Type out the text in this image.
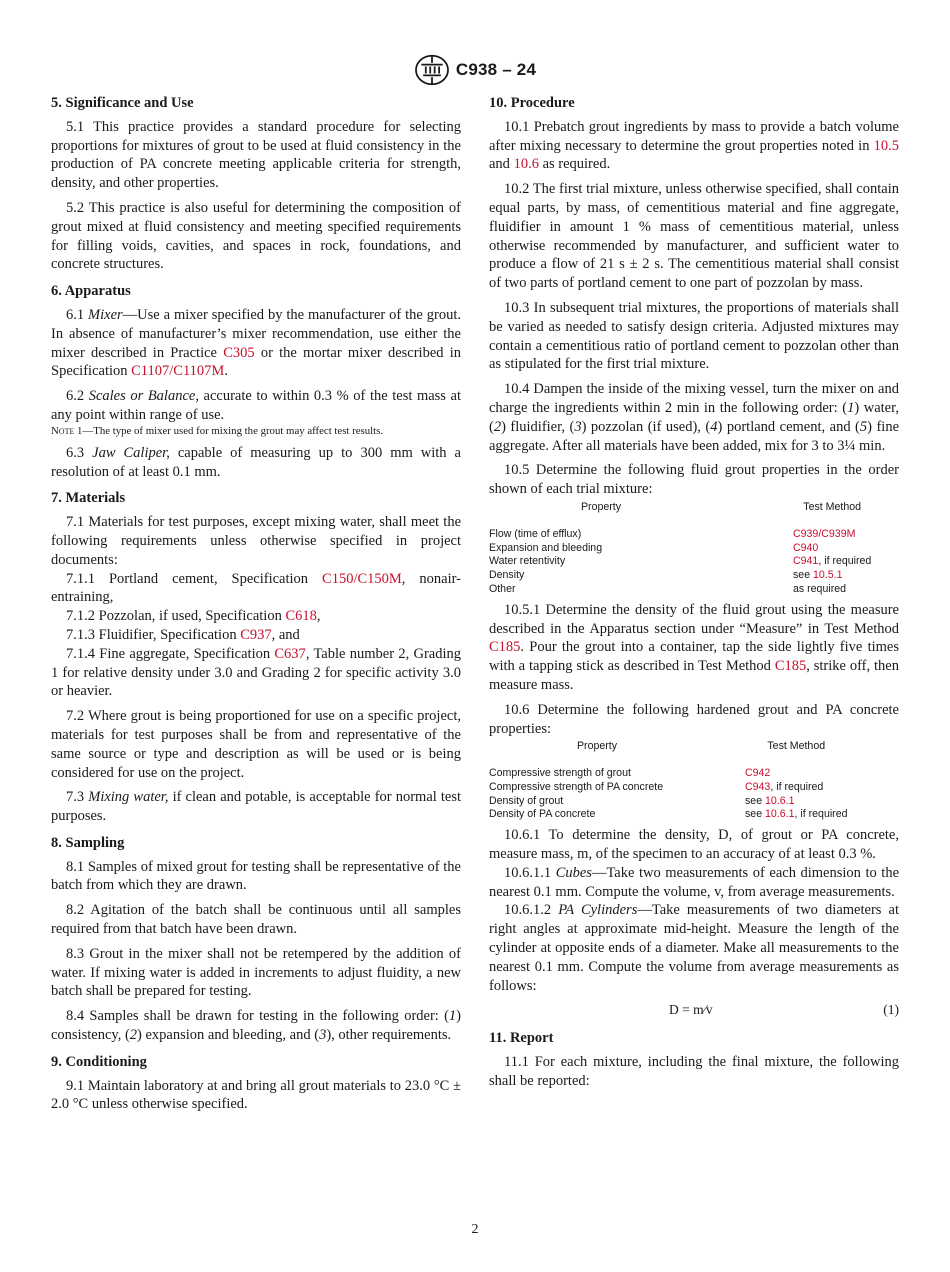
C938 – 24
5. Significance and Use
5.1 This practice provides a standard procedure for selecting proportions for mixtures of grout to be used at fluid consistency in the production of PA concrete meeting applicable criteria for strength, density, and other properties.
5.2 This practice is also useful for determining the composition of grout mixed at fluid consistency and meeting specified requirements for filling voids, cavities, and spaces in rock, foundations, and concrete structures.
6. Apparatus
6.1 Mixer—Use a mixer specified by the manufacturer of the grout. In absence of manufacturer’s mixer recommendation, use either the mixer described in Practice C305 or the mortar mixer described in Specification C1107/C1107M.
6.2 Scales or Balance, accurate to within 0.3 % of the test mass at any point within range of use.
Note 1—The type of mixer used for mixing the grout may affect test results.
6.3 Jaw Caliper, capable of measuring up to 300 mm with a resolution of at least 0.1 mm.
7. Materials
7.1 Materials for test purposes, except mixing water, shall meet the following requirements unless otherwise specified in project documents:
7.1.1 Portland cement, Specification C150/C150M, nonair-entraining,
7.1.2 Pozzolan, if used, Specification C618,
7.1.3 Fluidifier, Specification C937, and
7.1.4 Fine aggregate, Specification C637, Table number 2, Grading 1 for relative density under 3.0 and Grading 2 for specific activity 3.0 or heavier.
7.2 Where grout is being proportioned for use on a specific project, materials for test purposes shall be from and representative of the same source or type and description as will be used or is being considered for use on the project.
7.3 Mixing water, if clean and potable, is acceptable for normal test purposes.
8. Sampling
8.1 Samples of mixed grout for testing shall be representative of the batch from which they are drawn.
8.2 Agitation of the batch shall be continuous until all samples required from that batch have been drawn.
8.3 Grout in the mixer shall not be retempered by the addition of water. If mixing water is added in increments to adjust fluidity, a new batch shall be prepared for testing.
8.4 Samples shall be drawn for testing in the following order: (1) consistency, (2) expansion and bleeding, and (3), other requirements.
9. Conditioning
9.1 Maintain laboratory at and bring all grout materials to 23.0 °C ± 2.0 °C unless otherwise specified.
10. Procedure
10.1 Prebatch grout ingredients by mass to provide a batch volume after mixing necessary to determine the grout properties noted in 10.5 and 10.6 as required.
10.2 The first trial mixture, unless otherwise specified, shall contain equal parts, by mass, of cementitious material and fine aggregate, fluidifier in amount 1 % mass of cementitious material, unless otherwise recommended by manufacturer, and sufficient water to produce a flow of 21 s ± 2 s. The cementitious material shall consist of two parts of portland cement to one part of pozzolan by mass.
10.3 In subsequent trial mixtures, the proportions of materials shall be varied as needed to satisfy design criteria. Adjusted mixtures may contain a cementitious ratio of portland cement to pozzolan other than as stipulated for the first trial mixture.
10.4 Dampen the inside of the mixing vessel, turn the mixer on and charge the ingredients within 2 min in the following order: (1) water, (2) fluidifier, (3) pozzolan (if used), (4) portland cement, and (5) fine aggregate. After all materials have been added, mix for 3 to 3¼ min.
10.5 Determine the following fluid grout properties in the order shown of each trial mixture:
Property	Test Method
Flow (time of efflux)	C939/C939M
Expansion and bleeding	C940
Water retentivity	C941, if required
Density	see 10.5.1
Other	as required
10.5.1 Determine the density of the fluid grout using the measure described in the Apparatus section under “Measure” in Test Method C185. Pour the grout into a container, tap the side lightly five times with a tapping stick as described in Test Method C185, strike off, then measure mass.
10.6 Determine the following hardened grout and PA concrete properties:
Property	Test Method
Compressive strength of grout	C942
Compressive strength of PA concrete	C943, if required
Density of grout	see 10.6.1
Density of PA concrete	see 10.6.1, if required
10.6.1 To determine the density, D, of grout or PA concrete, measure mass, m, of the specimen to an accuracy of at least 0.3 %.
10.6.1.1 Cubes—Take two measurements of each dimension to the nearest 0.1 mm. Compute the volume, v, from average measurements.
10.6.1.2 PA Cylinders—Take measurements of two diameters at right angles at approximate mid-height. Measure the length of the cylinder at opposite ends of a diameter. Make all measurements to the nearest 0.1 mm. Compute the volume from average measurements as follows:
D = m⁄v	(1)
11. Report
11.1 For each mixture, including the final mixture, the following shall be reported:
2
